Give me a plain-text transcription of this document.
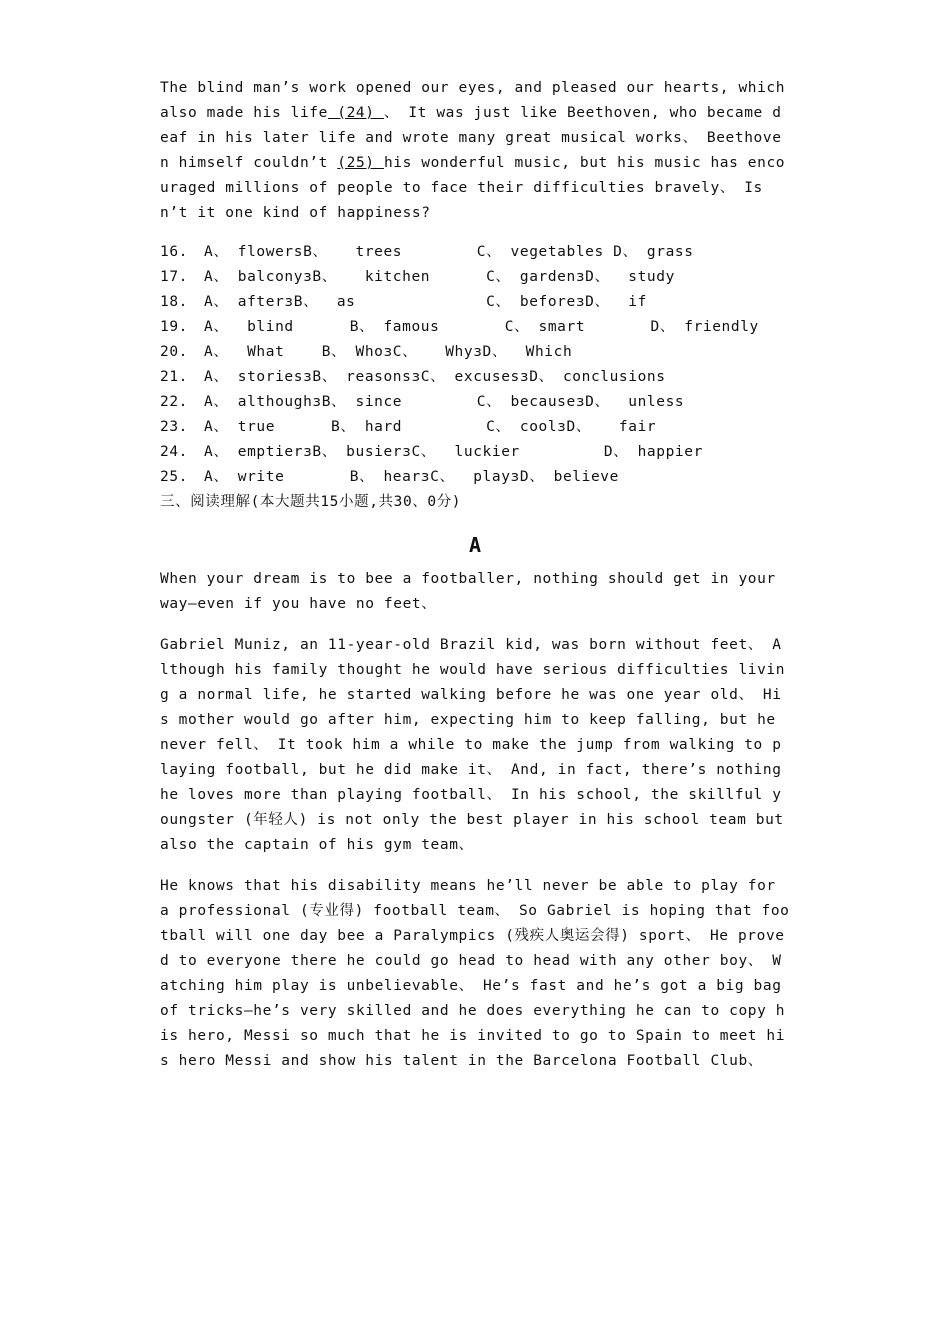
The blind man’s work opened our eyes, and pleased our hearts, which also made his life (24) 、 It was just like Beethoven, who became deaf in his later life and wrote many great musical works、 Beethoven himself couldn’t (25) his wonderful music, but his music has encouraged millions of people to face their difficulties bravely、 Isn’t it one kind of happiness?

16.	A、 flowersB、   trees        C、 vegetables D、 grass
17.	A、 balconyзB、   kitchen      C、 gardenзD、  study
18.	A、 afterзB、  as              C、 beforeзD、  if
19.	A、  blind      B、 famous       C、 smart       D、 friendly
20.	A、  What    B、 WhoзC、   WhyзD、  Which
21.	A、 storiesзB、 reasonsзC、 excusesзD、 conclusions
22.	A、 althoughзB、 since        C、 becauseзD、  unless
23.	A、 true      B、 hard         C、 coolзD、   fair
24.	A、 emptierзB、 busierзC、  luckier         D、 happier
25.	A、 write       B、 hearзC、  playзD、 believe
三、阅读理解(本大题共15小题,共30、0分)
A

When your dream is to bee a footballer, nothing should get in your way—even if you have no feet、

Gabriel Muniz, an 11-year-old Brazil kid, was born without feet、 Although his family thought he would have serious difficulties living a normal life, he started walking before he was one year old、 His mother would go after him, expecting him to keep falling, but he never fell、 It took him a while to make the jump from walking to playing football, but he did make it、 And, in fact, there’s nothing he loves more than playing football、 In his school, the skillful youngster (年轻人) is not only the best player in his school team but also the captain of his gym team、

He knows that his disability means he’ll never be able to play for a professional (专业得) football team、 So Gabriel is hoping that football will one day bee a Paralympics (残疾人奥运会得) sport、 He proved to everyone there he could go head to head with any other boy、 Watching him play is unbelievable、 He’s fast and he’s got a big bag of tricks—he’s very skilled and he does everything he can to copy his hero, Messi so much that he is invited to go to Spain to meet his hero Messi and show his talent in the Barcelona Football Club、
